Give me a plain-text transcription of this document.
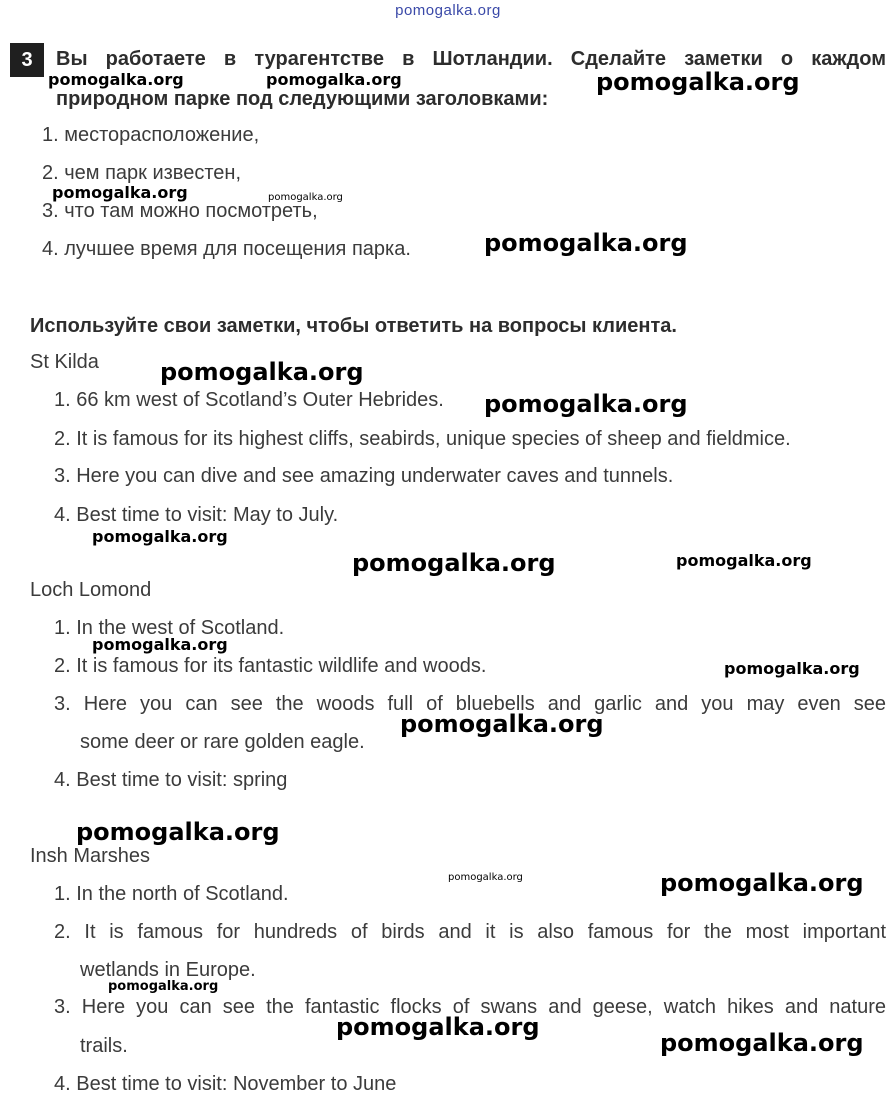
pomogalka.org
3	Вы работаете в турагентстве в Шотландии. Сделайте заметки о каждом
природном парке под следующими заголовками:
1. месторасположение,
2. чем парк известен,
3. что там можно посмотреть,
4. лучшее время для посещения парка.
Используйте свои заметки, чтобы ответить на вопросы клиента.
St Kilda
1. 66 km west of Scotland’s Outer Hebrides.
2. It is famous for its highest cliffs, seabirds, unique species of sheep and fieldmice.
3. Here you can dive and see amazing underwater caves and tunnels.
4. Best time to visit: May to July.
Loch Lomond
1. In the west of Scotland.
2. It is famous for its fantastic wildlife and woods.
3. Here you can see the woods full of bluebells and garlic and you may even see
some deer or rare golden eagle.
4. Best time to visit: spring
Insh Marshes
1. In the north of Scotland.
2. It is famous for hundreds of birds and it is also famous for the most important
wetlands in Europe.
3. Here you can see the fantastic flocks of swans and geese, watch hikes and nature
trails.
4. Best time to visit: November to June
pomogalka.org	pomogalka.org	pomogalka.org
pomogalka.org	pomogalka.org
pomogalka.org
pomogalka.org
pomogalka.org
pomogalka.org
pomogalka.org	pomogalka.org
pomogalka.org
pomogalka.org
pomogalka.org
pomogalka.org
pomogalka.org	pomogalka.org
pomogalka.org
pomogalka.org
pomogalka.org
